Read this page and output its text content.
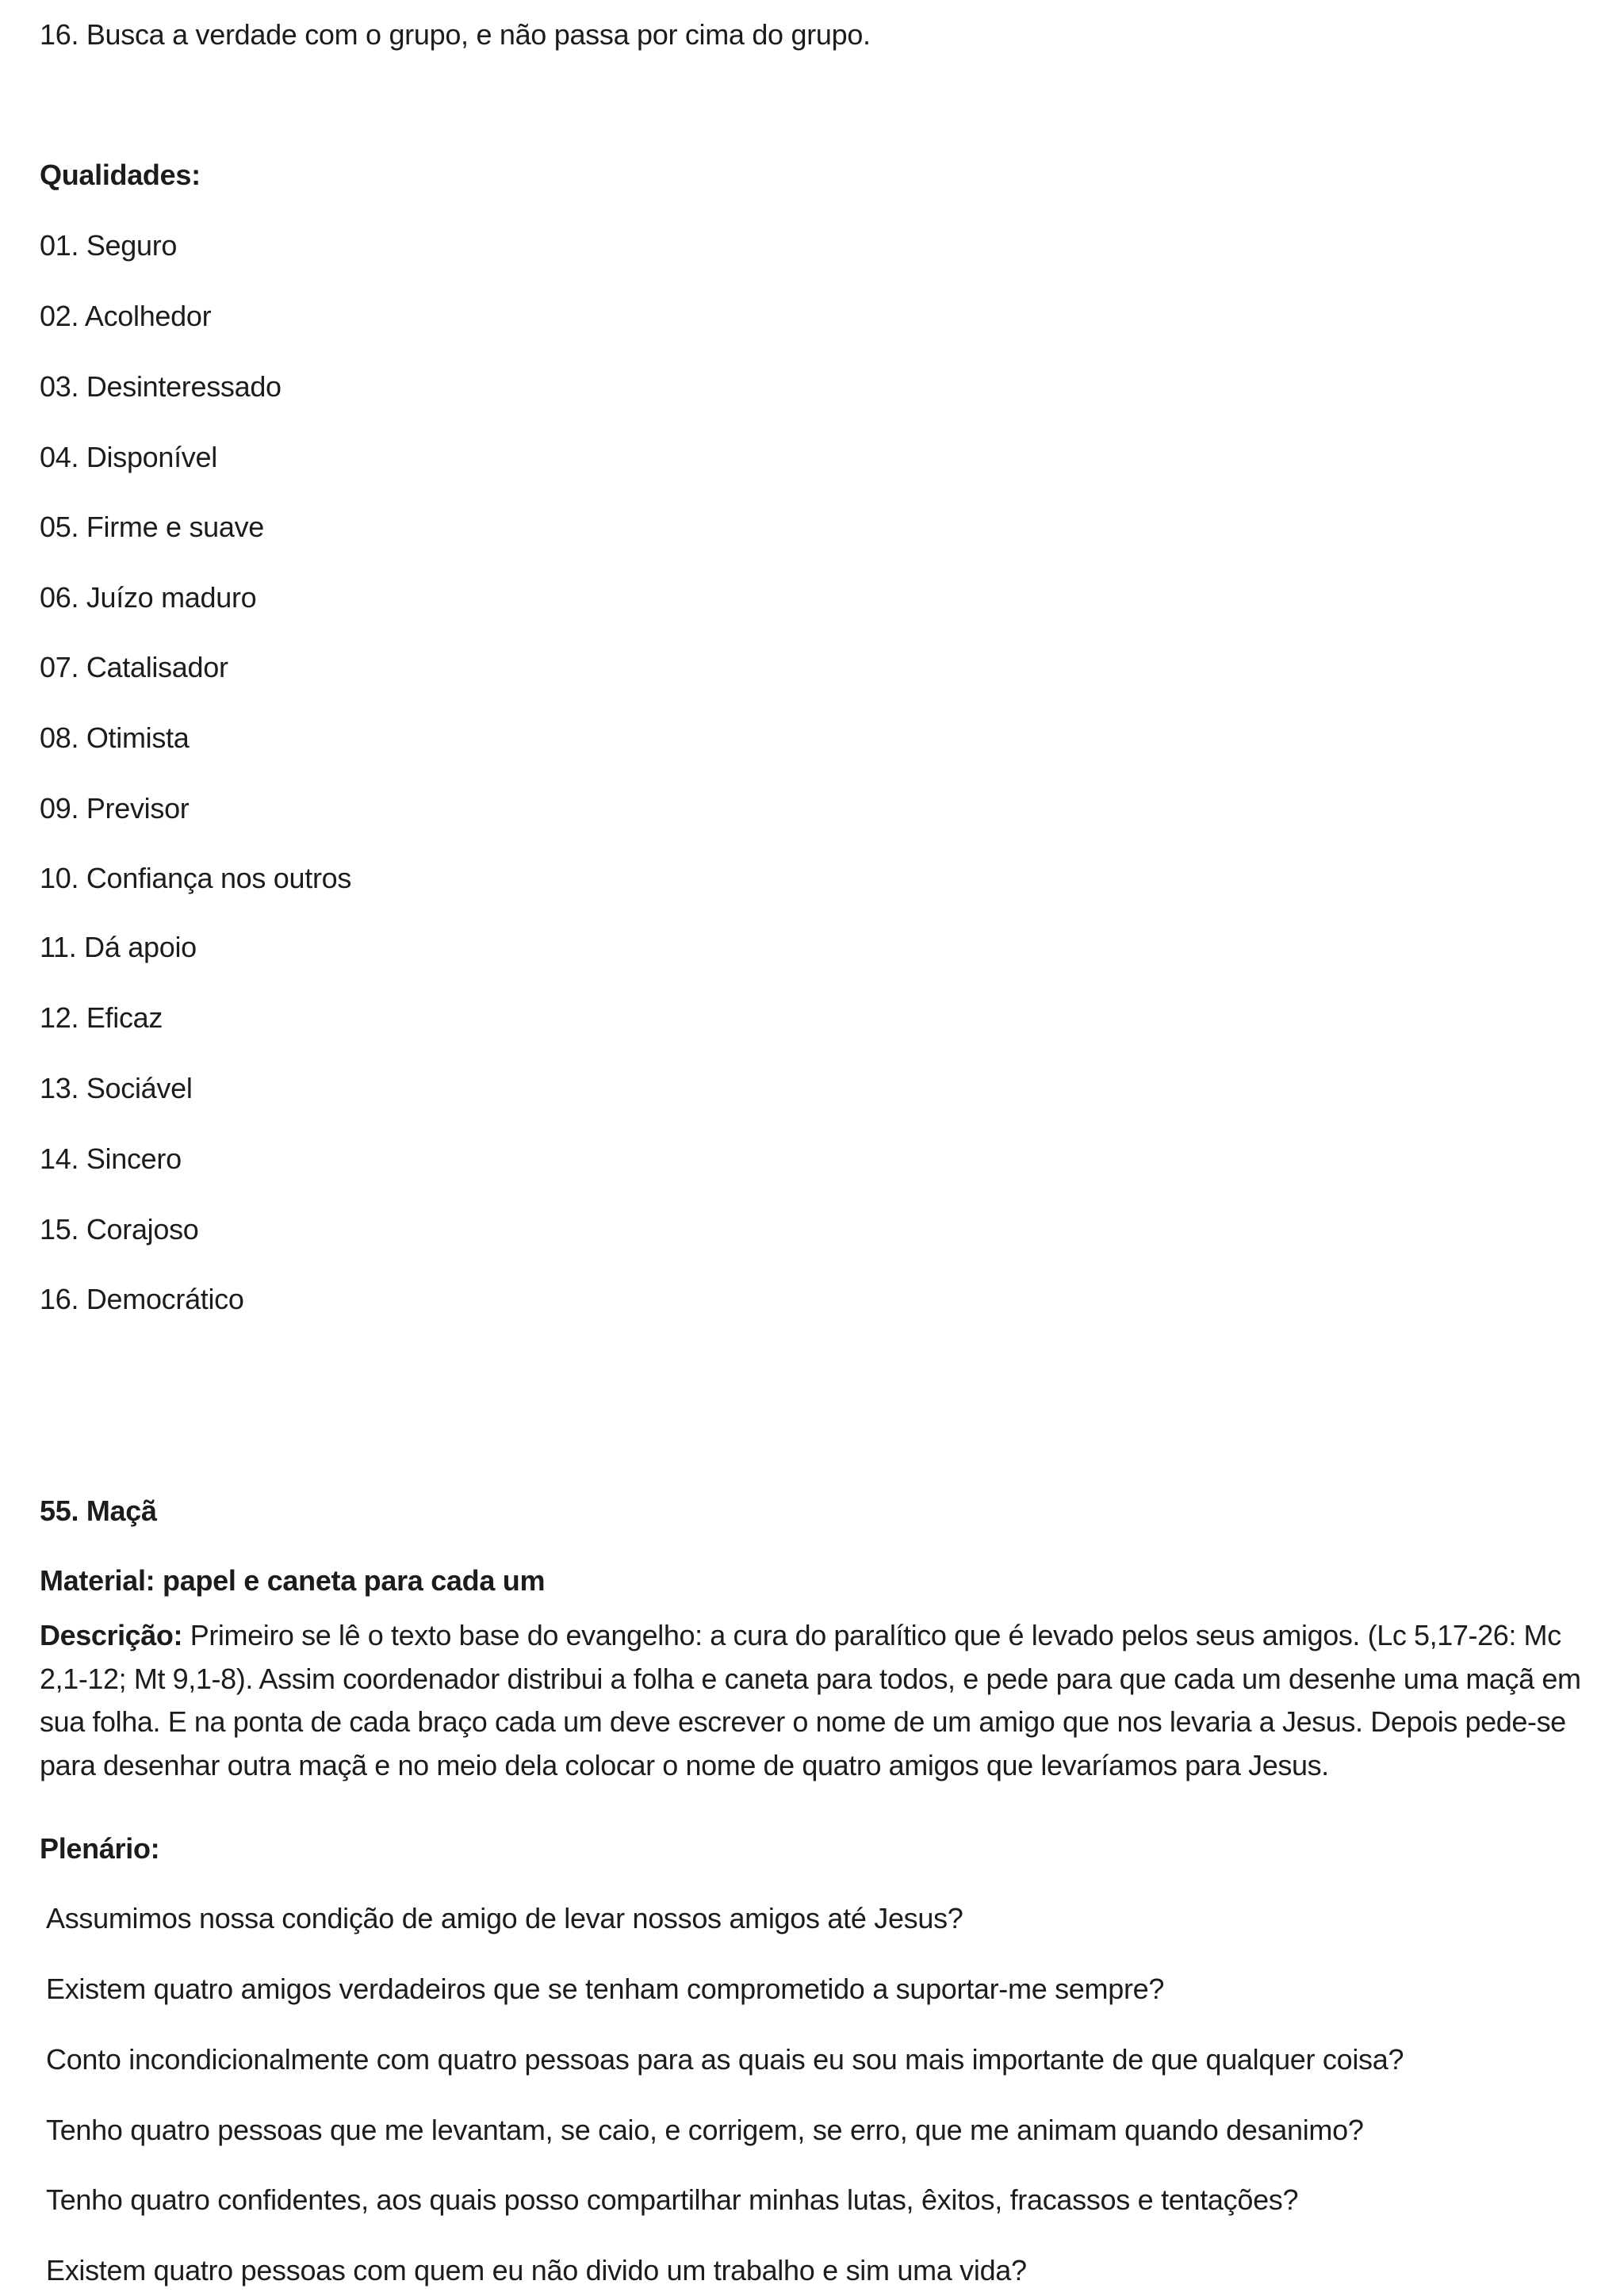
16. Busca a verdade com o grupo, e não passa por cima do grupo.
Qualidades:
01. Seguro
02. Acolhedor
03. Desinteressado
04. Disponível
05. Firme e suave
06. Juízo maduro
07. Catalisador
08. Otimista
09. Previsor
10. Confiança nos outros
11. Dá apoio
12. Eficaz
13. Sociável
14. Sincero
15. Corajoso
16. Democrático
55. Maçã
Material: papel e caneta para cada um
Descrição: Primeiro se lê o texto base do evangelho: a cura do paralítico que é levado pelos seus amigos. (Lc 5,17-26: Mc 2,1-12; Mt 9,1-8). Assim coordenador distribui a folha e caneta para todos, e pede para que cada um desenhe uma maçã em sua folha. E na ponta de cada braço cada um deve escrever o nome de um amigo que nos levaria a Jesus. Depois pede-se para desenhar outra maçã e no meio dela colocar o nome de quatro amigos que levaríamos para Jesus.
Plenário:
Assumimos nossa condição de amigo de levar nossos amigos até Jesus?
Existem quatro amigos verdadeiros que se tenham comprometido a suportar-me sempre?
Conto incondicionalmente com quatro pessoas para as quais eu sou mais importante de que qualquer coisa?
Tenho quatro pessoas que me levantam, se caio, e corrigem, se erro, que me animam quando desanimo?
Tenho quatro confidentes, aos quais posso compartilhar minhas lutas, êxitos, fracassos e tentações?
Existem quatro pessoas com quem eu não divido um trabalho e sim uma vida?
